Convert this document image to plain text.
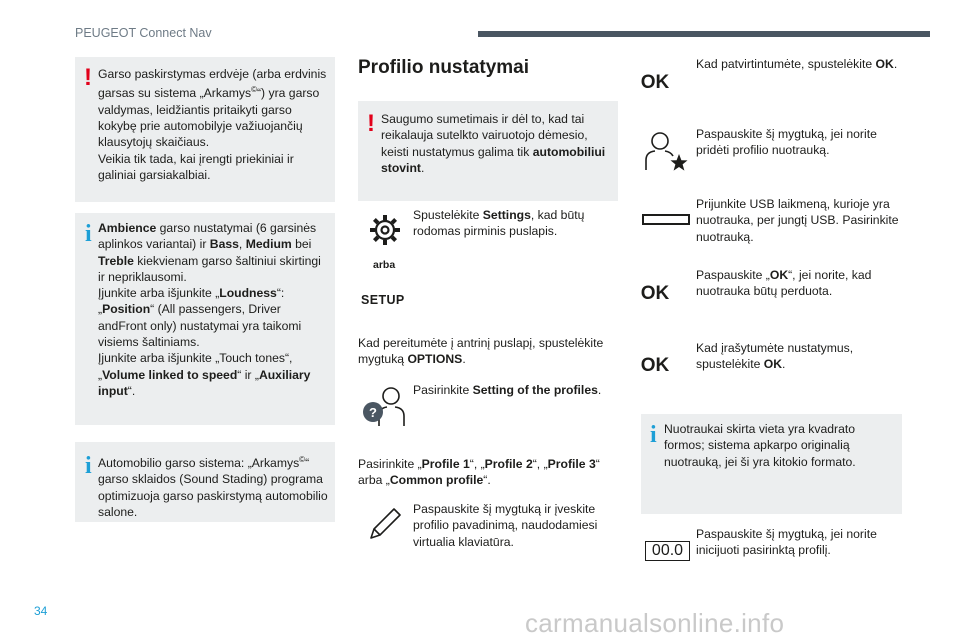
PEUGEOT Connect Nav
! Garso paskirstymas erdvėje (arba erdvinis garsas su sistema „Arkamys©“) yra garso valdymas, leidžiantis pritaikyti garso kokybę prie automobilyje važiuojančių klausytojų skaičiaus.
Veikia tik tada, kai įrengti priekiniai ir galiniai garsiakalbiai.
i Ambience garso nustatymai (6 garsinės aplinkos variantai) ir Bass, Medium bei Treble kiekvienam garso šaltiniui skirtingi ir nepriklausomi.
Įjunkite arba išjunkite „Loudness“: „Position“ (All passengers, Driver andFront only) nustatymai yra taikomi visiems šaltiniams.
Įjunkite arba išjunkite „Touch tones“, „Volume linked to speed“ ir „Auxiliary input“.
i Automobilio garso sistema: „Arkamys©“ garso sklaidos (Sound Stading) programa optimizuoja garso paskirstymą automobilio salone.
Profilio nustatymai
! Saugumo sumetimais ir dėl to, kad tai reikalauja sutelkto vairuotojo dėmesio, keisti nustatymus galima tik automobiliui stovint.
Spustelėkite Settings, kad būtų rodomas pirminis puslapis.
arba
SETUP
Kad pereitumėte į antrinį puslapį, spustelėkite mygtuką OPTIONS.
?
Pasirinkite Setting of the profiles.
Pasirinkite „Profile 1“, „Profile 2“, „Profile 3“ arba „Common profile“.
Paspauskite šį mygtuką ir įveskite profilio pavadinimą, naudodamiesi virtualia klaviatūra.
OK
Kad patvirtintumėte, spustelėkite OK.
Paspauskite šį mygtuką, jei norite pridėti profilio nuotrauką.
Prijunkite USB laikmeną, kurioje yra nuotrauka, per jungtį USB. Pasirinkite nuotrauką.
OK
Paspauskite „OK“, jei norite, kad nuotrauka būtų perduota.
OK
Kad įrašytumėte nustatymus, spustelėkite OK.
i Nuotraukai skirta vieta yra kvadrato formos; sistema apkarpo originalią nuotrauką, jei ši yra kitokio formato.
00.0
Paspauskite šį mygtuką, jei norite inicijuoti pasirinktą profilį.
34	carmanualsonline.info
